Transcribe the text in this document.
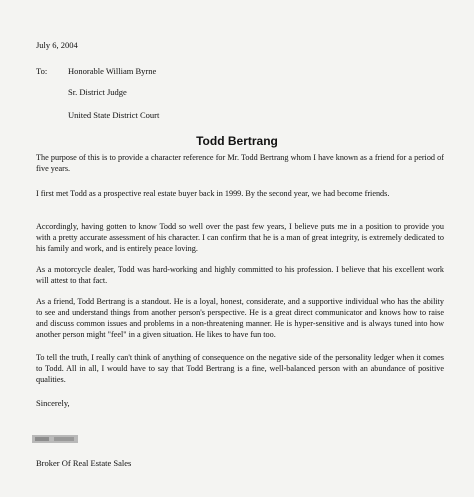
July 6, 2004
To: Honorable William Byrne
Sr. District Judge
United State District Court
Todd Bertrang
The purpose of this is to provide a character reference for Mr. Todd Bertrang whom I have known as a friend for a period of five years.
I first met Todd as a prospective real estate buyer back in 1999. By the second year, we had become friends.
Accordingly, having gotten to know Todd so well over the past few years, I believe puts me in a position to provide you with a pretty accurate assessment of his character. I can confirm that he is a man of great integrity, is extremely dedicated to his family and work, and is entirely peace loving.
As a motorcycle dealer, Todd was hard-working and highly committed to his profession. I believe that his excellent work will attest to that fact.
As a friend, Todd Bertrang is a standout. He is a loyal, honest, considerate, and a supportive individual who has the ability to see and understand things from another person's perspective. He is a great direct communicator and knows how to raise and discuss common issues and problems in a non-threatening manner. He is hyper-sensitive and is always tuned into how another person might "feel" in a given situation. He likes to have fun too.
To tell the truth, I really can't think of anything of consequence on the negative side of the personality ledger when it comes to Todd. All in all, I would have to say that Todd Bertrang is a fine, well-balanced person with an abundance of positive qualities.
Sincerely,
Broker Of Real Estate Sales
